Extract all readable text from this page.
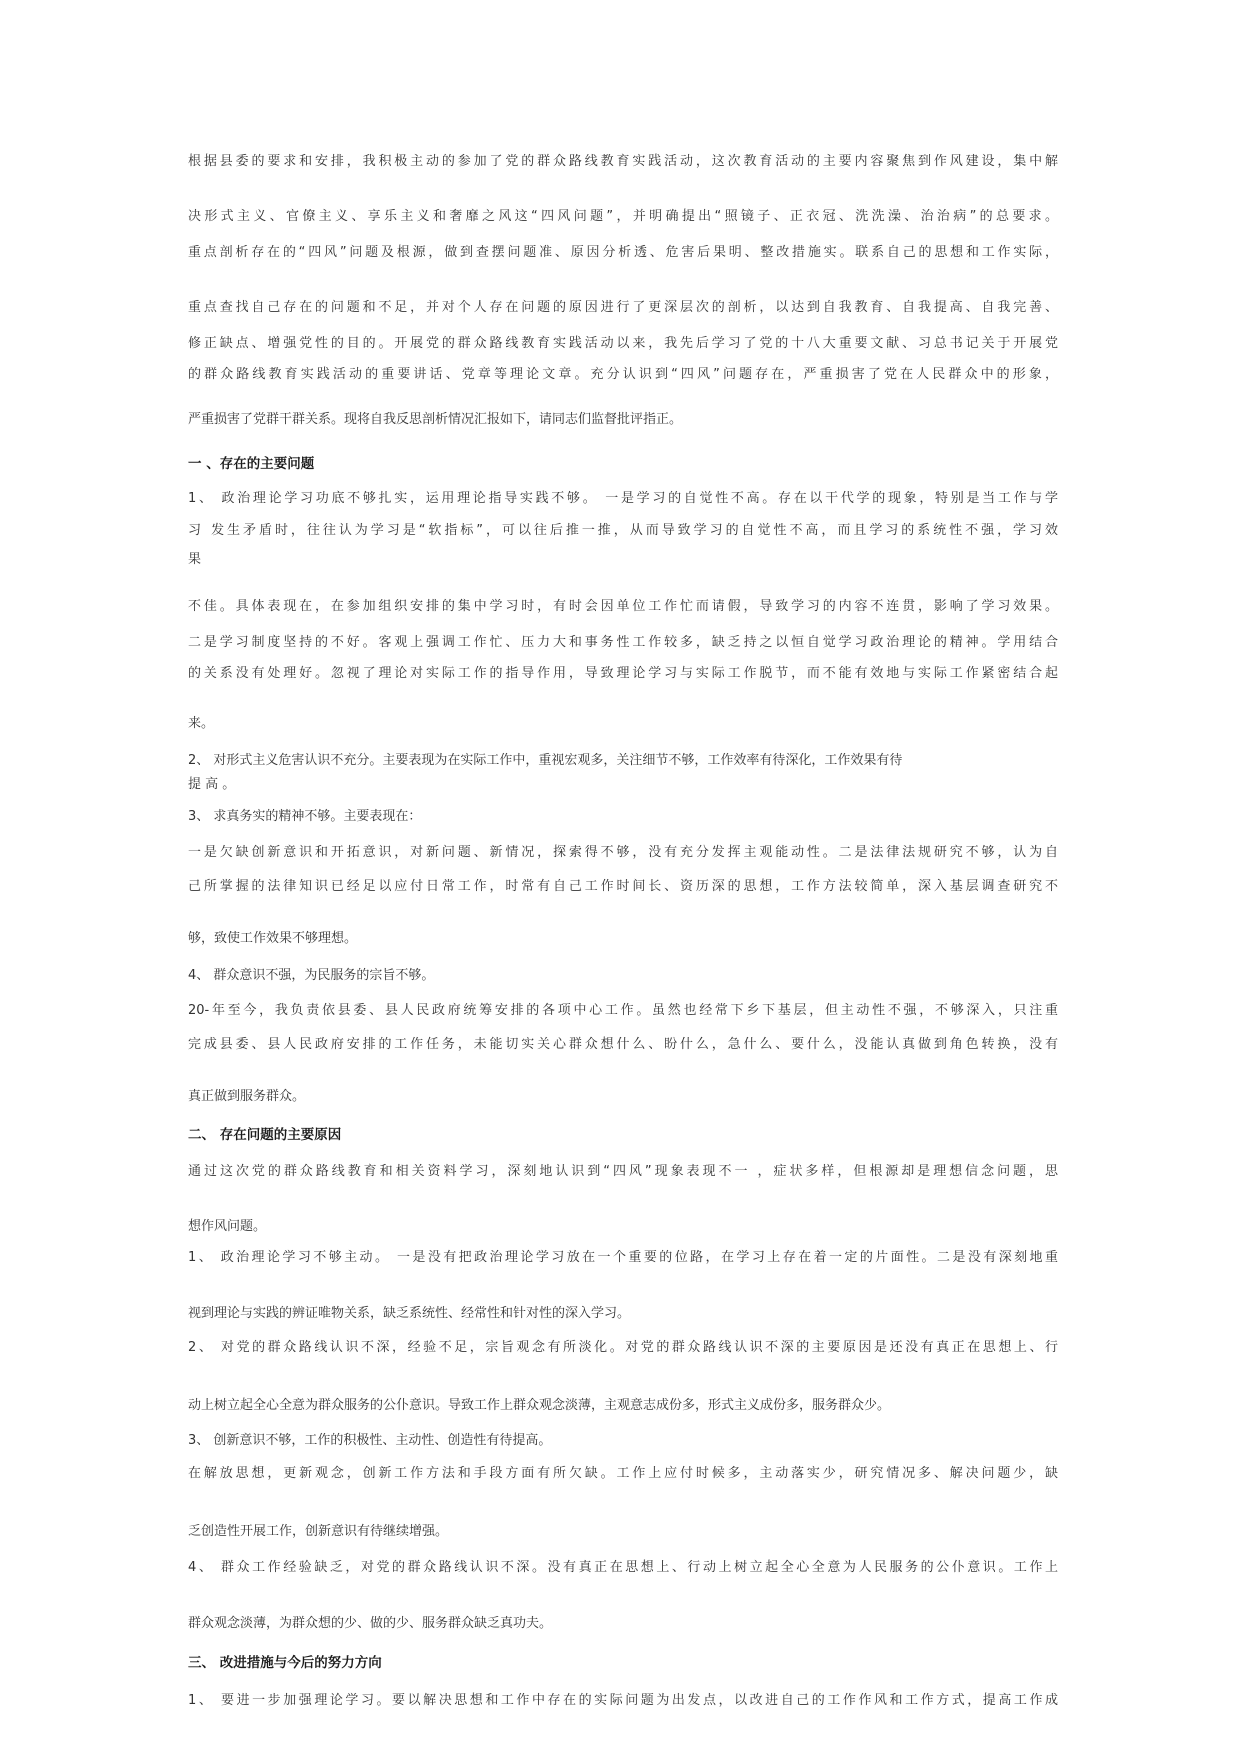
根据县委的要求和安排，我积极主动的参加了党的群众路线教育实践活动，这次教育活动的主要内容聚焦到作风建设，集中解
决形式主义、官僚主义、享乐主义和奢靡之风这“四风问题”，并明确提出“照镜子、正衣冠、洗洗澡、治治病”的总要求。
重点剖析存在的“四风”问题及根源，做到查摆问题准、原因分析透、危害后果明、整改措施实。联系自己的思想和工作实际，
重点查找自己存在的问题和不足，并对个人存在问题的原因进行了更深层次的剖析，以达到自我教育、自我提高、自我完善、
修正缺点、增强党性的目的。开展党的群众路线教育实践活动以来，我先后学习了党的十八大重要文献、习总书记关于开展党
的群众路线教育实践活动的重要讲话、党章等理论文章。充分认识到“四风”问题存在，严重损害了党在人民群众中的形象，
严重损害了党群干群关系。现将自我反思剖析情况汇报如下，请同志们监督批评指正。
一 、存在的主要问题
1、 政治理论学习功底不够扎实，运用理论指导实践不够。 一是学习的自觉性不高。存在以干代学的现象，特别是当工作与学
习 发生矛盾时，往往认为学习是“软指标”，可以往后推一推，从而导致学习的自觉性不高，而且学习的系统性不强，学习效
果
不佳。具体表现在，在参加组织安排的集中学习时，有时会因单位工作忙而请假，导致学习的内容不连贯，影响了学习效果。
二是学习制度坚持的不好。客观上强调工作忙、压力大和事务性工作较多，缺乏持之以恒自觉学习政治理论的精神。学用结合
的关系没有处理好。忽视了理论对实际工作的指导作用，导致理论学习与实际工作脱节，而不能有效地与实际工作紧密结合起
来。
2、 对形式主义危害认识不充分。主要表现为在实际工作中，重视宏观多，关注细节不够，工作效率有待深化，工作效果有待
提 高 。
3、 求真务实的精神不够。主要表现在：
一是欠缺创新意识和开拓意识，对新问题、新情况，探索得不够，没有充分发挥主观能动性。二是法律法规研究不够，认为自
己所掌握的法律知识已经足以应付日常工作，时常有自己工作时间长、资历深的思想，工作方法较简单，深入基层调查研究不
够，致使工作效果不够理想。
4、 群众意识不强，为民服务的宗旨不够。
20-年至今，我负责依县委、县人民政府统筹安排的各项中心工作。虽然也经常下乡下基层，但主动性不强，不够深入，只注重
完成县委、县人民政府安排的工作任务，未能切实关心群众想什么、盼什么，急什么、要什么，没能认真做到角色转换，没有
真正做到服务群众。
二、 存在问题的主要原因
通过这次党的群众路线教育和相关资料学习，深刻地认识到“四风”现象表现不一 ，症状多样，但根源却是理想信念问题，思
想作风问题。
1、 政治理论学习不够主动。 一是没有把政治理论学习放在一个重要的位路，在学习上存在着一定的片面性。二是没有深刻地重
视到理论与实践的辨证唯物关系，缺乏系统性、经常性和针对性的深入学习。
2、 对党的群众路线认识不深，经验不足，宗旨观念有所淡化。对党的群众路线认识不深的主要原因是还没有真正在思想上、行
动上树立起全心全意为群众服务的公仆意识。导致工作上群众观念淡薄，主观意志成份多，形式主义成份多，服务群众少。
3、 创新意识不够，工作的积极性、主动性、创造性有待提高。
在解放思想，更新观念，创新工作方法和手段方面有所欠缺。工作上应付时候多，主动落实少，研究情况多、解决问题少，缺
乏创造性开展工作，创新意识有待继续增强。
4、 群众工作经验缺乏，对党的群众路线认识不深。没有真正在思想上、行动上树立起全心全意为人民服务的公仆意识。工作上
群众观念淡薄，为群众想的少、做的少、服务群众缺乏真功夫。
三、 改进措施与今后的努力方向
1、 要进一步加强理论学习。要以解决思想和工作中存在的实际问题为出发点，以改进自己的工作作风和工作方式，提高工作成
